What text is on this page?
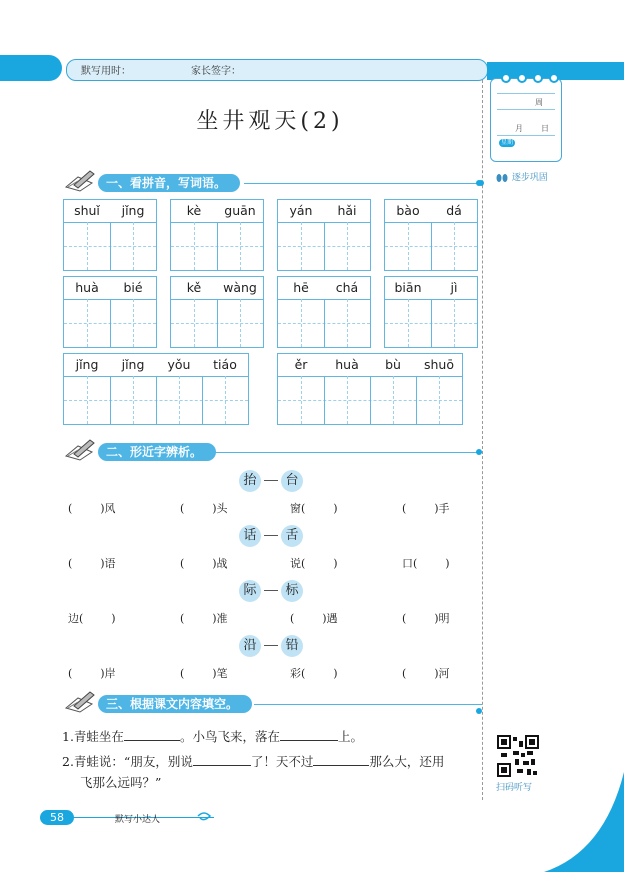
默写用时：	家长签字：

周
月 日
星期
逐步巩固
坐井观天(2)
一、看拼音，写词语。
shuǐ	jǐng	kè	guān	yán	hǎi	bào	dá
huà	bié	kě	wàng	hē	chá	biān	jì
jǐng	jǐng	yǒu	tiáo	ěr	huà	bù	shuō
二、形近字辨析。
抬 台
(        )风	(        )头	窗(        )	(        )手
话 舌
(        )语	(        )战	说(        )	口(        )
际 标
边(        )	(        )准	(        )遇	(        )明
沿 铅
(        )岸	(        )笔	彩(        )	(        )河
三、根据课文内容填空。
1.青蛙坐在	。小鸟飞来，落在	上。
2.青蛙说：“朋友，别说	了！天不过	那么大，还用
飞那么远吗？”	扫码听写
58	默写小达人
